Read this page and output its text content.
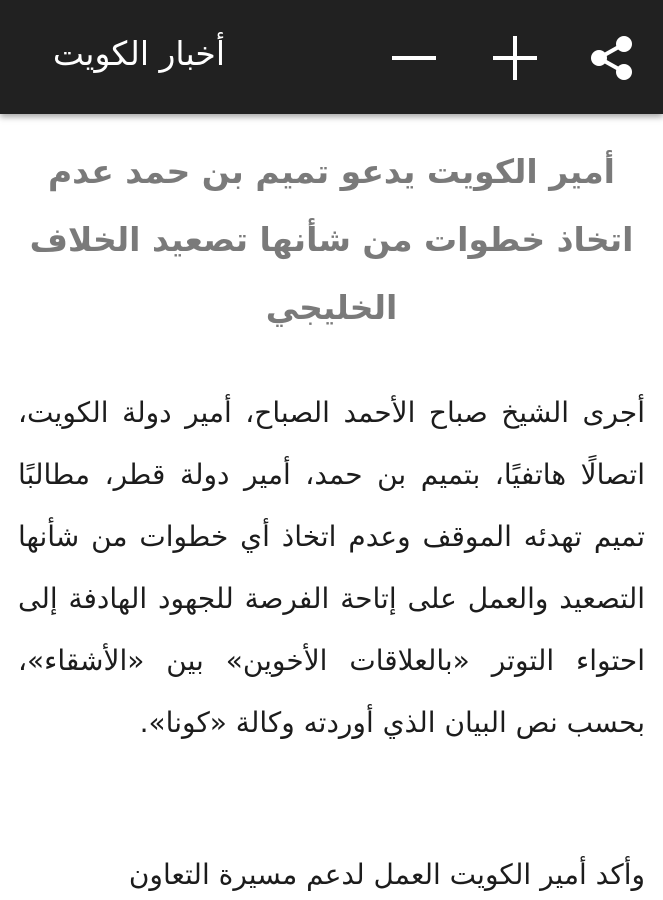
أخبار الكويت
أمير الكويت يدعو تميم بن حمد عدم اتخاذ خطوات من شأنها تصعيد الخلاف الخليجي

أجرى الشيخ صباح الأحمد الصباح، أمير دولة الكويت، اتصالًا هاتفيًا، بتميم بن حمد، أمير دولة قطر، مطالبًا تميم تهدئه الموقف وعدم اتخاذ أي خطوات من شأنها التصعيد والعمل على إتاحة الفرصة للجهود الهادفة إلى احتواء التوتر «بالعلاقات الأخوين» بين «الأشقاء»، بحسب نص البيان الذي أوردته وكالة «كونا».

وأكد أمير الكويت العمل لدعم مسيرة التعاون
